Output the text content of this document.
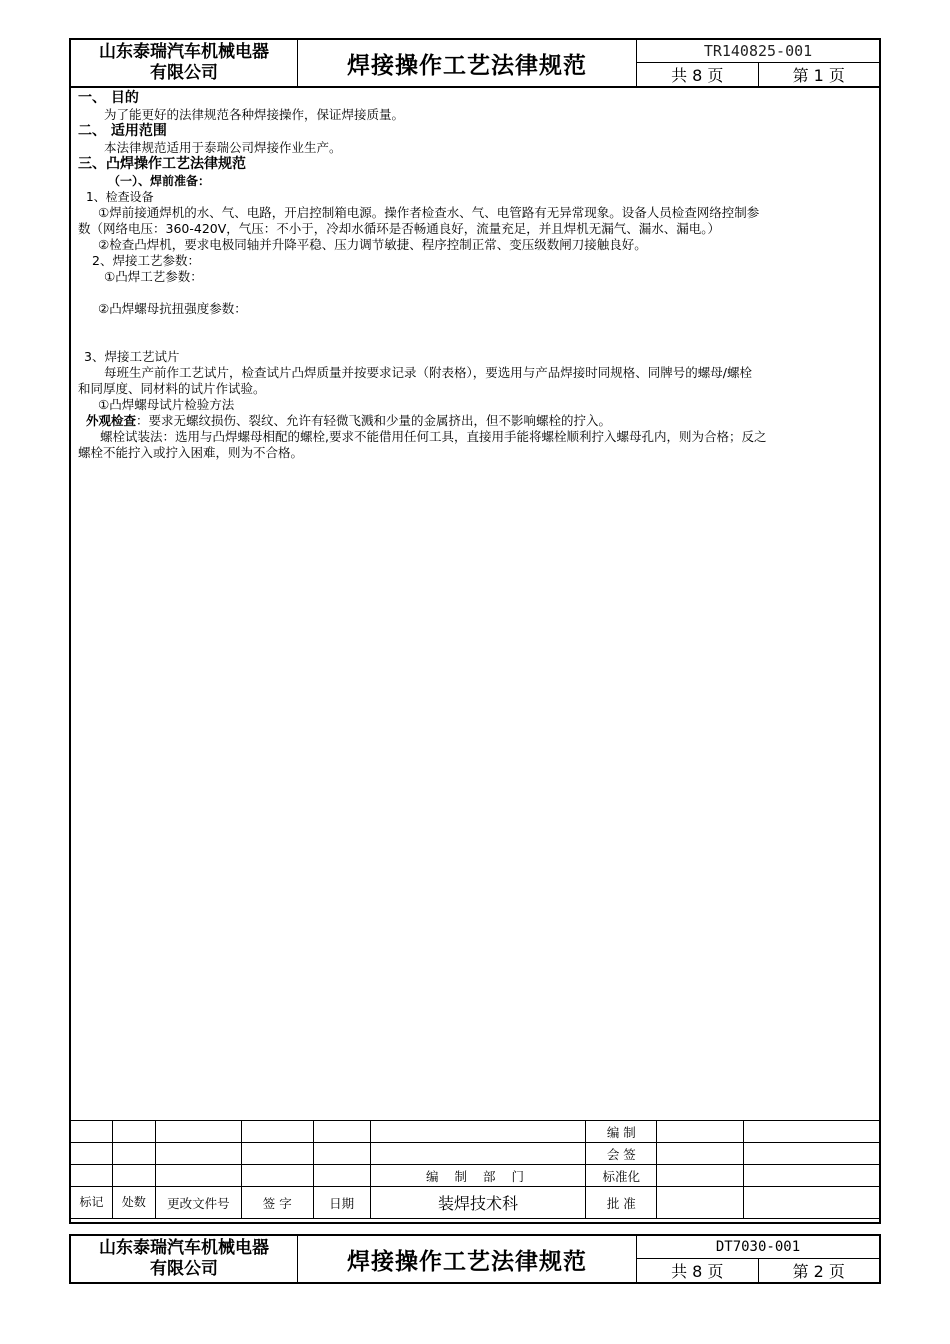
山东泰瑞汽车机械电器
有限公司	焊接操作工艺法律规范
TR140825-001
共 8 页	第 1 页

一、 目的

为了能更好的法律规范各种焊接操作，保证焊接质量。

二、 适用范围

本法律规范适用于泰瑞公司焊接作业生产。

三、凸焊操作工艺法律规范

（一）、焊前准备：

1、检查设备

①焊前接通焊机的水、气、电路，开启控制箱电源。操作者检查水、气、电管路有无异常现象。设备人员检查网络控制参

数（网络电压：360-420V，气压：不小于，冷却水循环是否畅通良好，流量充足，并且焊机无漏气、漏水、漏电。）

②检查凸焊机，要求电极同轴并升降平稳、压力调节敏捷、程序控制正常、变压级数闸刀接触良好。

2、焊接工艺参数：

①凸焊工艺参数：

②凸焊螺母抗扭强度参数：

3、焊接工艺试片

每班生产前作工艺试片，检查试片凸焊质量并按要求记录（附表格），要选用与产品焊接时同规格、同牌号的螺母/螺栓

和同厚度、同材料的试片作试验。

①凸焊螺母试片检验方法

外观检查：要求无螺纹损伤、裂纹、允许有轻微飞溅和少量的金属挤出，但不影响螺栓的拧入。

螺栓试装法：选用与凸焊螺母相配的螺栓,要求不能借用任何工具，直接用手能将螺栓顺利拧入螺母孔内，则为合格；反之

螺栓不能拧入或拧入困难，则为不合格。

						编 制		
						会 签		
					编 制 部 门	标准化		
标记	处数	更改文件号	签 字	日期	装焊技术科	批 准		
山东泰瑞汽车机械电器
有限公司	焊接操作工艺法律规范
DT7030-001
共 8 页	第 2 页
